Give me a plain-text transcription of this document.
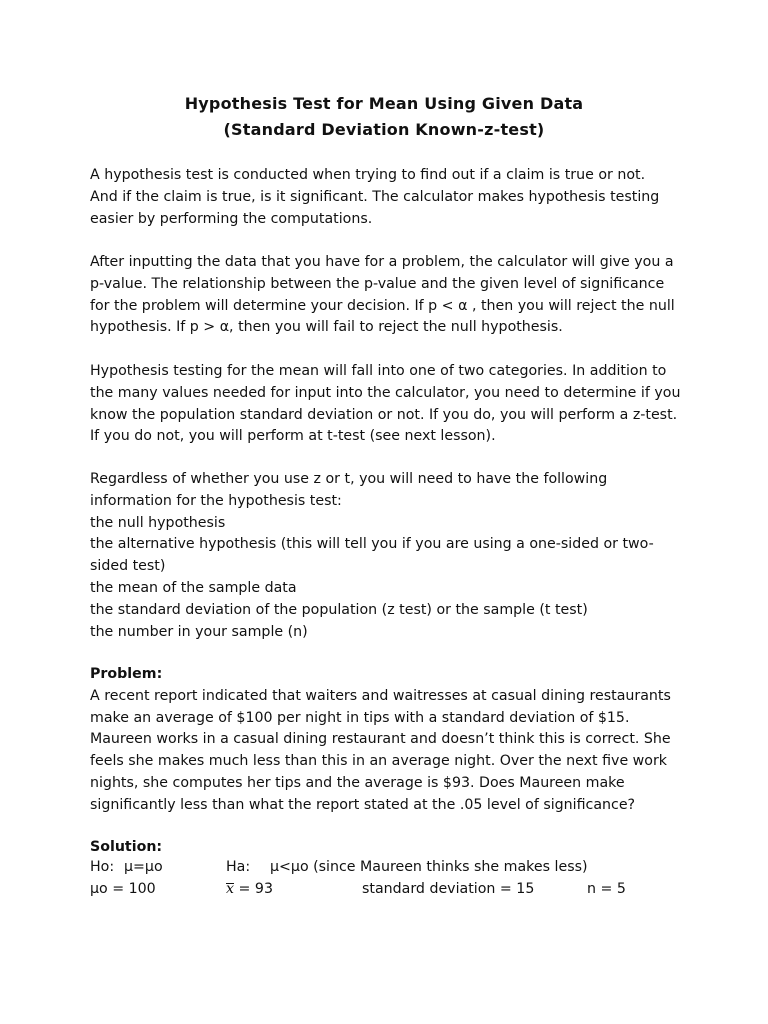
Hypothesis Test for Mean Using Given Data
(Standard Deviation Known-z-test)
A hypothesis test is conducted when trying to find out if a claim is true or not.
And if the claim is true, is it significant. The calculator makes hypothesis testing
easier by performing the computations.
After inputting the data that you have for a problem, the calculator will give you a
p-value. The relationship between the p-value and the given level of significance
for the problem will determine your decision. If p < α , then you will reject the null
hypothesis. If p > α, then you will fail to reject the null hypothesis.
Hypothesis testing for the mean will fall into one of two categories. In addition to
the many values needed for input into the calculator, you need to determine if you
know the population standard deviation or not. If you do, you will perform a z-test.
If you do not, you will perform at t-test (see next lesson).
Regardless of whether you use z or t, you will need to have the following
information for the hypothesis test:
the null hypothesis
the alternative hypothesis (this will tell you if you are using a one-sided or two-
sided test)
the mean of the sample data
the standard deviation of the population (z test) or the sample (t test)
the number in your sample (n)
Problem:
A recent report indicated that waiters and waitresses at casual dining restaurants
make an average of $100 per night in tips with a standard deviation of $15.
Maureen works in a casual dining restaurant and doesn’t think this is correct. She
feels she makes much less than this in an average night. Over the next five work
nights, she computes her tips and the average is $93. Does Maureen make
significantly less than what the report stated at the .05 level of significance?
Solution:
Ho: μ=μo	Ha: μ<μo (since Maureen thinks she makes less)
μo = 100	x = 93	standard deviation = 15	n = 5
